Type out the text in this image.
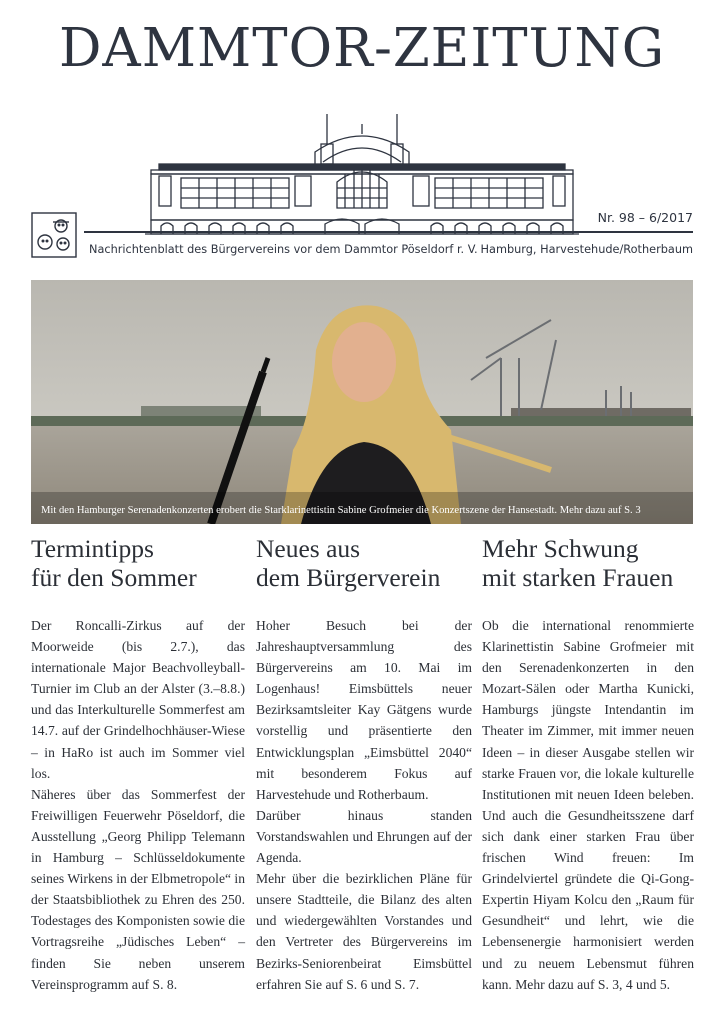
DAMMTOR-ZEITUNG
Nr. 98 – 6/2017
Nachrichtenblatt des Bürgervereins vor dem Dammtor Pöseldorf r. V. Hamburg, Harvestehude/Rotherbaum
Mit den Hamburger Serenadenkonzerten erobert die Starklarinettistin Sabine Grofmeier die Konzertszene der Hansestadt. Mehr dazu auf S. 3
Termintipps
für den Sommer

Der Roncalli-Zirkus auf der Moorweide (bis 2.7.), das internationale Major Beachvolleyball-Turnier im Club an der Alster (3.–8.8.) und das Interkulturelle Sommerfest am 14.7. auf der Grindelhochhäuser-Wiese – in HaRo ist auch im Sommer viel los.

Näheres über das Sommerfest der Freiwilligen Feuerwehr Pöseldorf, die Ausstellung „Georg Philipp Telemann in Hamburg – Schlüsseldokumente seines Wirkens in der Elbmetropole“ in der Staatsbibliothek zu Ehren des 250. Todestages des Komponisten sowie die Vortragsreihe „Jüdisches Leben“ – finden Sie neben unserem Vereinsprogramm auf S. 8.

Neues aus
dem Bürgerverein

Hoher Besuch bei der Jahreshauptversammlung des Bürgervereins am 10. Mai im Logenhaus! Eimsbüttels neuer Bezirksamtsleiter Kay Gätgens wurde vorstellig und präsentierte den Entwicklungsplan „Eimsbüttel 2040“ mit besonderem Fokus auf Harvestehude und Rotherbaum.

Darüber hinaus standen Vorstandswahlen und Ehrungen auf der Agenda.

Mehr über die bezirklichen Pläne für unsere Stadtteile, die Bilanz des alten und wiedergewählten Vorstandes und den Vertreter des Bürgervereins im Bezirks-Seniorenbeirat Eimsbüttel erfahren Sie auf S. 6 und S. 7.

Mehr Schwung
mit starken Frauen

Ob die international renommierte Klarinettistin Sabine Grofmeier mit den Serenadenkonzerten in den Mozart-Sälen oder Martha Kunicki, Hamburgs jüngste Intendantin im Theater im Zimmer, mit immer neuen Ideen – in dieser Ausgabe stellen wir starke Frauen vor, die lokale kulturelle Institutionen mit neuen Ideen beleben. Und auch die Gesundheitsszene darf sich dank einer starken Frau über frischen Wind freuen: Im Grindelviertel gründete die Qi-Gong-Expertin Hiyam Kolcu den „Raum für Gesundheit“ und lehrt, wie die Lebensenergie harmonisiert werden und zu neuem Lebensmut führen kann. Mehr dazu auf S. 3, 4 und 5.
